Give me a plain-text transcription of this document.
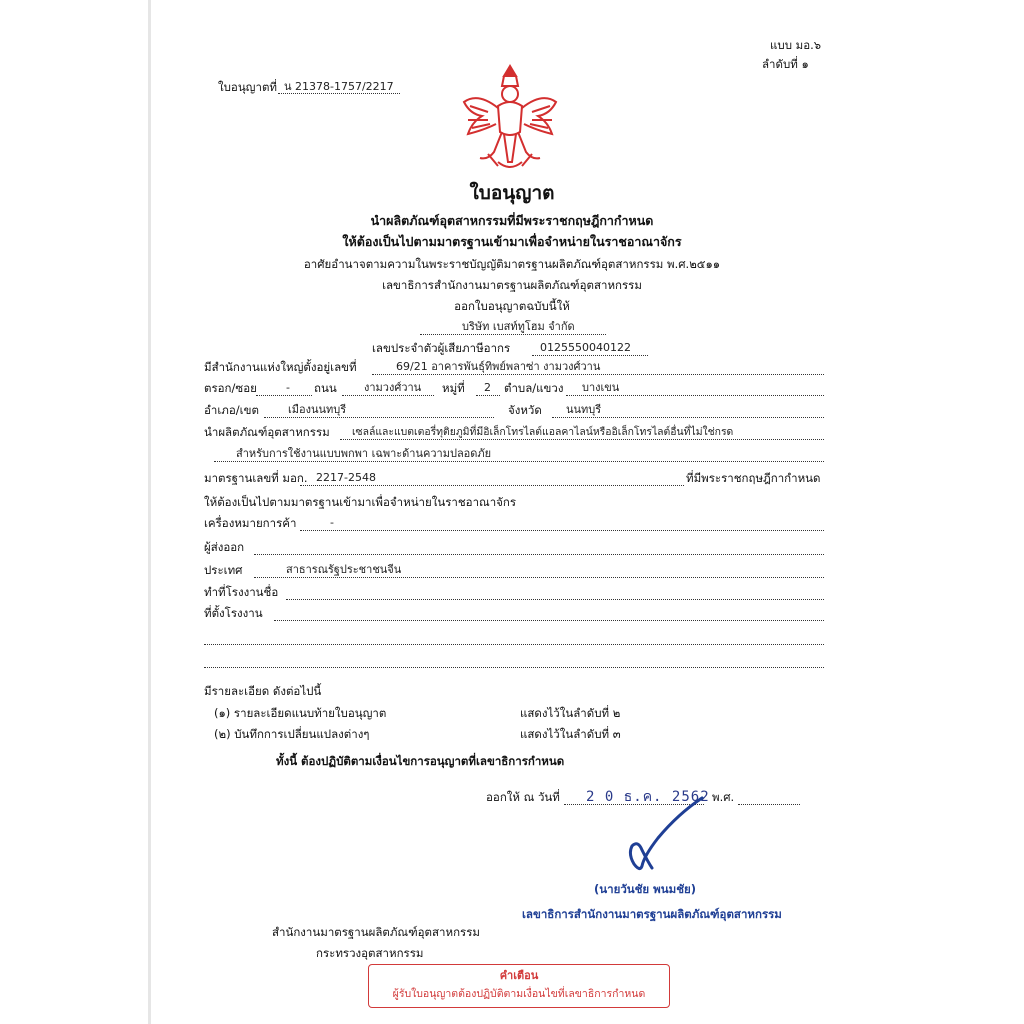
แบบ มอ.๖
ลำดับที่ ๑
ใบอนุญาตที่ น 21378-1757/2217
ใบอนุญาต
นำผลิตภัณฑ์อุตสาหกรรมที่มีพระราชกฤษฎีกากำหนด
ให้ต้องเป็นไปตามมาตรฐานเข้ามาเพื่อจำหน่ายในราชอาณาจักร
อาศัยอำนาจตามความในพระราชบัญญัติมาตรฐานผลิตภัณฑ์อุตสาหกรรม พ.ศ.๒๕๑๑
เลขาธิการสำนักงานมาตรฐานผลิตภัณฑ์อุตสาหกรรม
ออกใบอนุญาตฉบับนี้ให้
บริษัท เบสท์ทูโฮม จำกัด
เลขประจำตัวผู้เสียภาษีอากร	0125550040122
มีสำนักงานแห่งใหญ่ตั้งอยู่เลขที่	69/21 อาคารพันธุ์ทิพย์พลาซ่า งามวงศ์วาน
ตรอก/ซอย	- ถนน งามวงศ์วาน หมู่ที่ 2 ตำบล/แขวง บางเขน
อำเภอ/เขต	เมืองนนทบุรี	จังหวัด นนทบุรี
นำผลิตภัณฑ์อุตสาหกรรม เซลล์และแบตเตอรี่ทุติยภูมิที่มีอิเล็กโทรไลต์แอลคาไลน์หรืออิเล็กโทรไลต์อื่นที่ไม่ใช่กรด
สำหรับการใช้งานแบบพกพา เฉพาะด้านความปลอดภัย
มาตรฐานเลขที่ มอก. 2217-2548	ที่มีพระราชกฤษฎีกากำหนด
ให้ต้องเป็นไปตามมาตรฐานเข้ามาเพื่อจำหน่ายในราชอาณาจักร
เครื่องหมายการค้า	-
ผู้ส่งออก
ประเทศ	สาธารณรัฐประชาชนจีน
ทำที่โรงงานชื่อ
ที่ตั้งโรงงาน
มีรายละเอียด ดังต่อไปนี้
(๑) รายละเอียดแนบท้ายใบอนุญาต	แสดงไว้ในลำดับที่ ๒
(๒) บันทึกการเปลี่ยนแปลงต่างๆ	แสดงไว้ในลำดับที่ ๓
ทั้งนี้ ต้องปฏิบัติตามเงื่อนไขการอนุญาตที่เลขาธิการกำหนด
ออกให้ ณ วันที่ 2 0 ธ.ค. 2562 พ.ศ.
(นายวันชัย พนมชัย)
เลขาธิการสำนักงานมาตรฐานผลิตภัณฑ์อุตสาหกรรม
สำนักงานมาตรฐานผลิตภัณฑ์อุตสาหกรรม
กระทรวงอุตสาหกรรม
คำเตือน
ผู้รับใบอนุญาตต้องปฏิบัติตามเงื่อนไขที่เลขาธิการกำหนด
